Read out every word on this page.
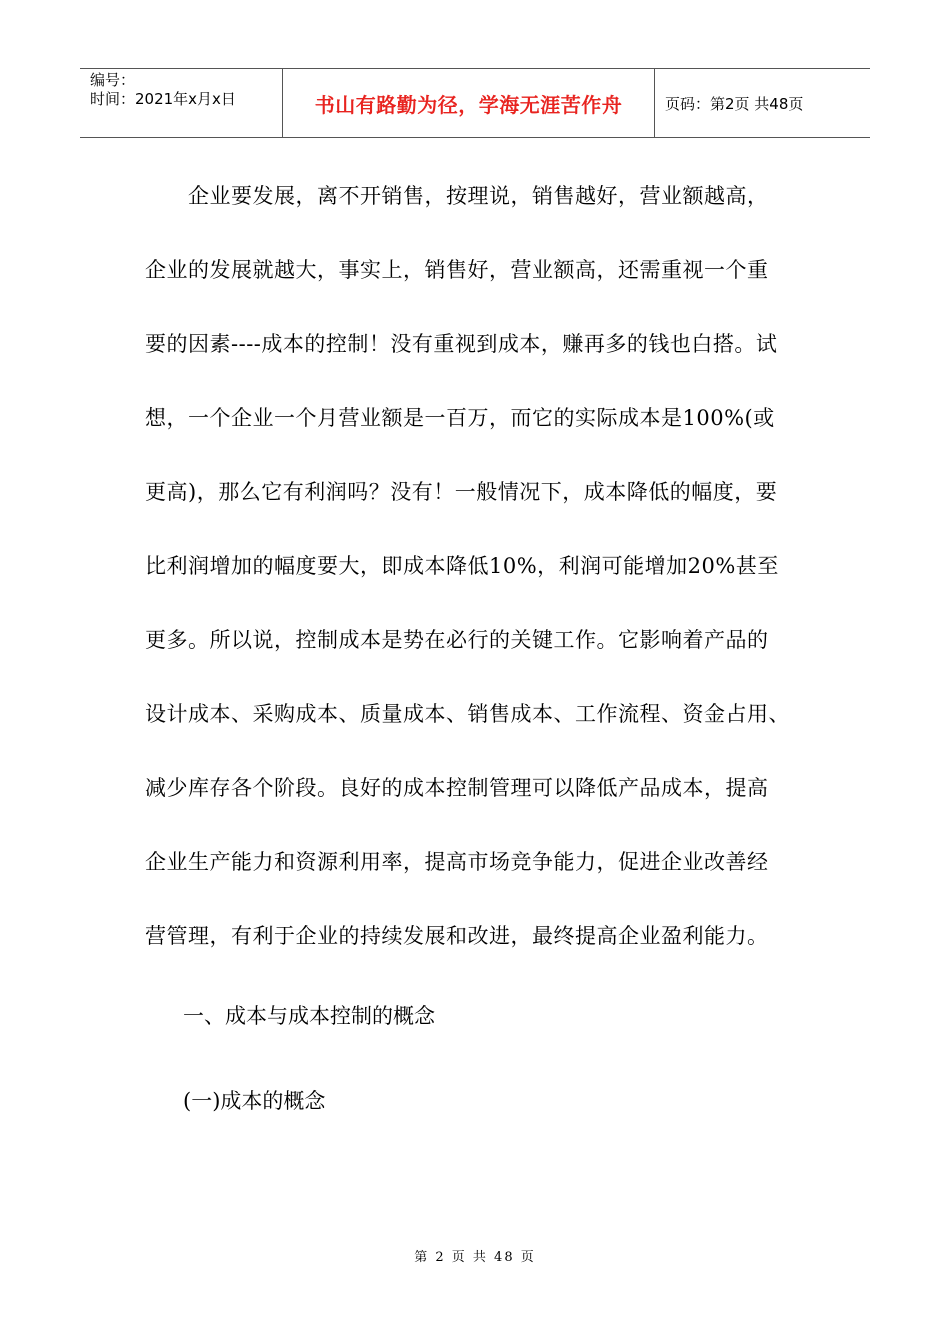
编号：
时间：2021年x月x日	书山有路勤为径，学海无涯苦作舟	页码：第2页 共48页
　　企业要发展，离不开销售，按理说，销售越好，营业额越高，
企业的发展就越大，事实上，销售好，营业额高，还需重视一个重
要的因素----成本的控制！没有重视到成本，赚再多的钱也白搭。试
想，一个企业一个月营业额是一百万，而它的实际成本是100%(或
更高)，那么它有利润吗？没有！一般情况下，成本降低的幅度，要
比利润增加的幅度要大，即成本降低10%，利润可能增加20%甚至
更多。所以说，控制成本是势在必行的关键工作。它影响着产品的
设计成本、采购成本、质量成本、销售成本、工作流程、资金占用、
减少库存各个阶段。良好的成本控制管理可以降低产品成本，提高
企业生产能力和资源利用率，提高市场竞争能力，促进企业改善经
营管理，有利于企业的持续发展和改进，最终提高企业盈利能力。
一、成本与成本控制的概念
(一)成本的概念
第 2 页 共 48 页
